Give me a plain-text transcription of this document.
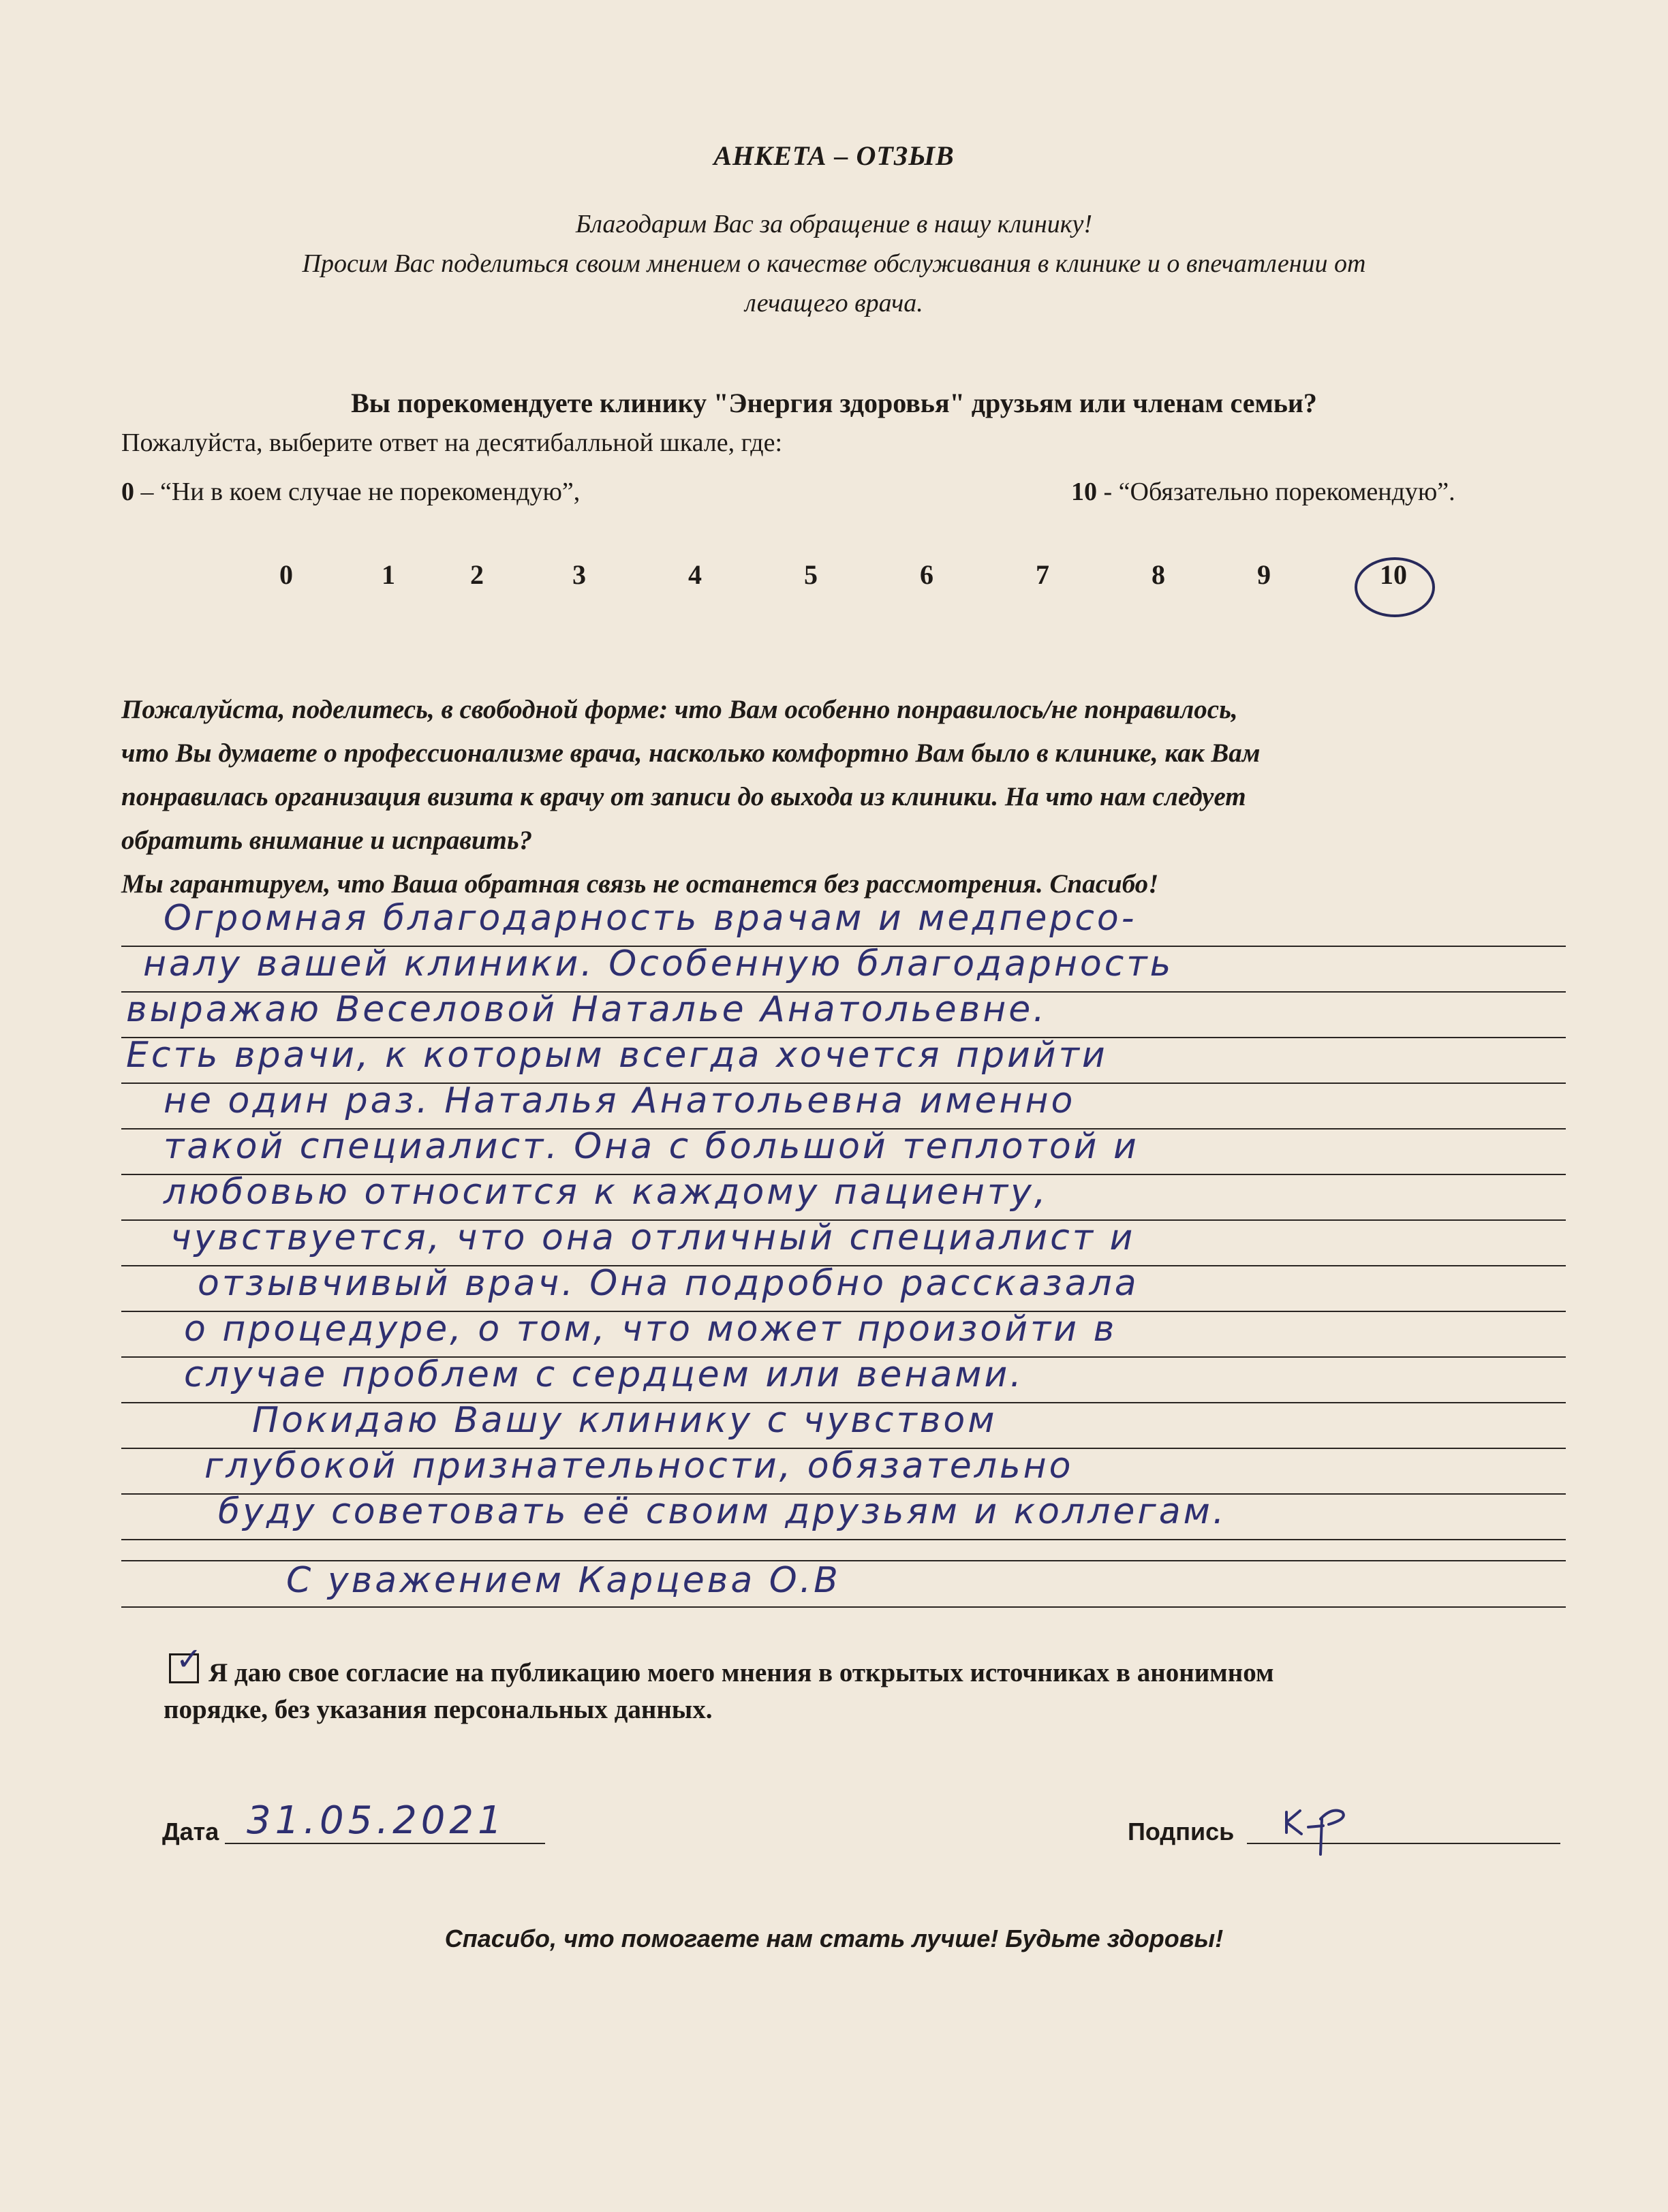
АНКЕТА – ОТЗЫВ
Благодарим Вас за обращение в нашу клинику!
Просим Вас поделиться своим мнением о качестве обслуживания в клинике и о впечатлении от
лечащего врача.
Вы порекомендуете клинику "Энергия здоровья" друзьям или членам семьи?
Пожалуйста, выберите ответ на десятибалльной шкале, где:
0 – “Ни в коем случае не порекомендую”,	10 - “Обязательно порекомендую”.
0	1	2	3	4	5	6	7	8	9	10
Пожалуйста, поделитесь, в свободной форме: что Вам особенно понравилось/не понравилось,
что Вы думаете о профессионализме врача, насколько комфортно Вам было в клинике, как Вам
понравилась организация визита к врачу от записи до выхода из клиники. На что нам следует
обратить внимание и исправить?
Мы гарантируем, что Ваша обратная связь не останется без рассмотрения. Спасибо!
Огромная благодарность врачам и медперсо-
налу вашей клиники. Особенную благодарность
выражаю Веселовой Наталье Анатольевне.
Есть врачи, к которым всегда хочется прийти
не один раз. Наталья Анатольевна именно
такой специалист. Она с большой теплотой и
любовью относится к каждому пациенту,
чувствуется, что она отличный специалист и
отзывчивый врач. Она подробно рассказала
о процедуре, о том, что может произойти в
случае проблем с сердцем или венами.
Покидаю Вашу клинику с чувством
глубокой признательности, обязательно
буду советовать её своим друзьям и коллегам.
С уважением Карцева О.В
✓ Я даю свое согласие на публикацию моего мнения в открытых источниках в анонимном
порядке, без указания персональных данных.
Дата 31.05.2021	Подпись
Спасибо, что помогаете нам стать лучше! Будьте здоровы!
